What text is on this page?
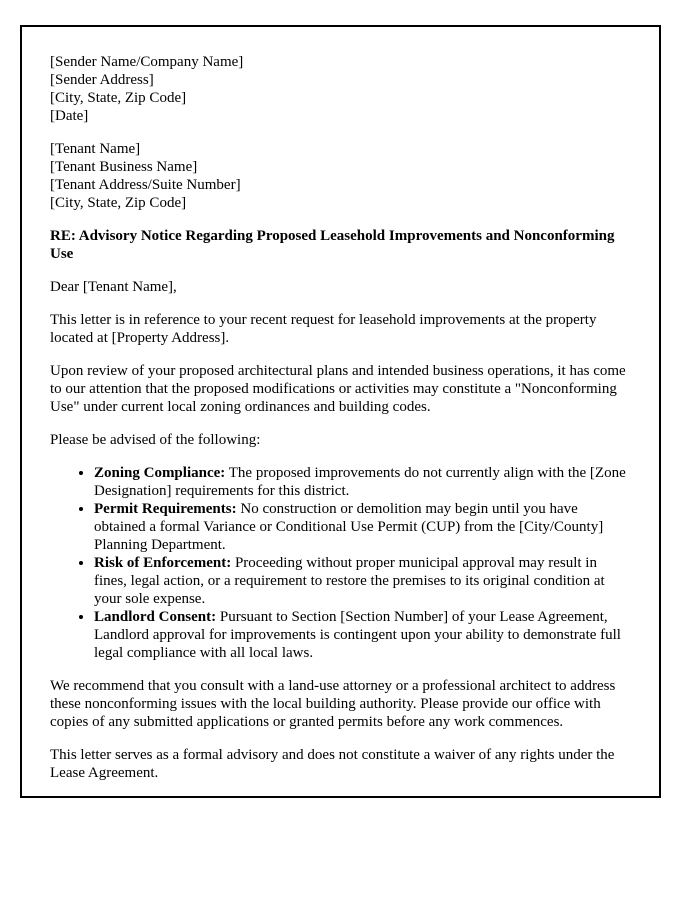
[Sender Name/Company Name]
[Sender Address]
[City, State, Zip Code]
[Date]
[Tenant Name]
[Tenant Business Name]
[Tenant Address/Suite Number]
[City, State, Zip Code]
RE: Advisory Notice Regarding Proposed Leasehold Improvements and Nonconforming Use
Dear [Tenant Name],
This letter is in reference to your recent request for leasehold improvements at the property located at [Property Address].
Upon review of your proposed architectural plans and intended business operations, it has come to our attention that the proposed modifications or activities may constitute a "Nonconforming Use" under current local zoning ordinances and building codes.
Please be advised of the following:
• Zoning Compliance: The proposed improvements do not currently align with the [Zone Designation] requirements for this district.
• Permit Requirements: No construction or demolition may begin until you have obtained a formal Variance or Conditional Use Permit (CUP) from the [City/County] Planning Department.
• Risk of Enforcement: Proceeding without proper municipal approval may result in fines, legal action, or a requirement to restore the premises to its original condition at your sole expense.
• Landlord Consent: Pursuant to Section [Section Number] of your Lease Agreement, Landlord approval for improvements is contingent upon your ability to demonstrate full legal compliance with all local laws.
We recommend that you consult with a land-use attorney or a professional architect to address these nonconforming issues with the local building authority. Please provide our office with copies of any submitted applications or granted permits before any work commences.
This letter serves as a formal advisory and does not constitute a waiver of any rights under the Lease Agreement.
